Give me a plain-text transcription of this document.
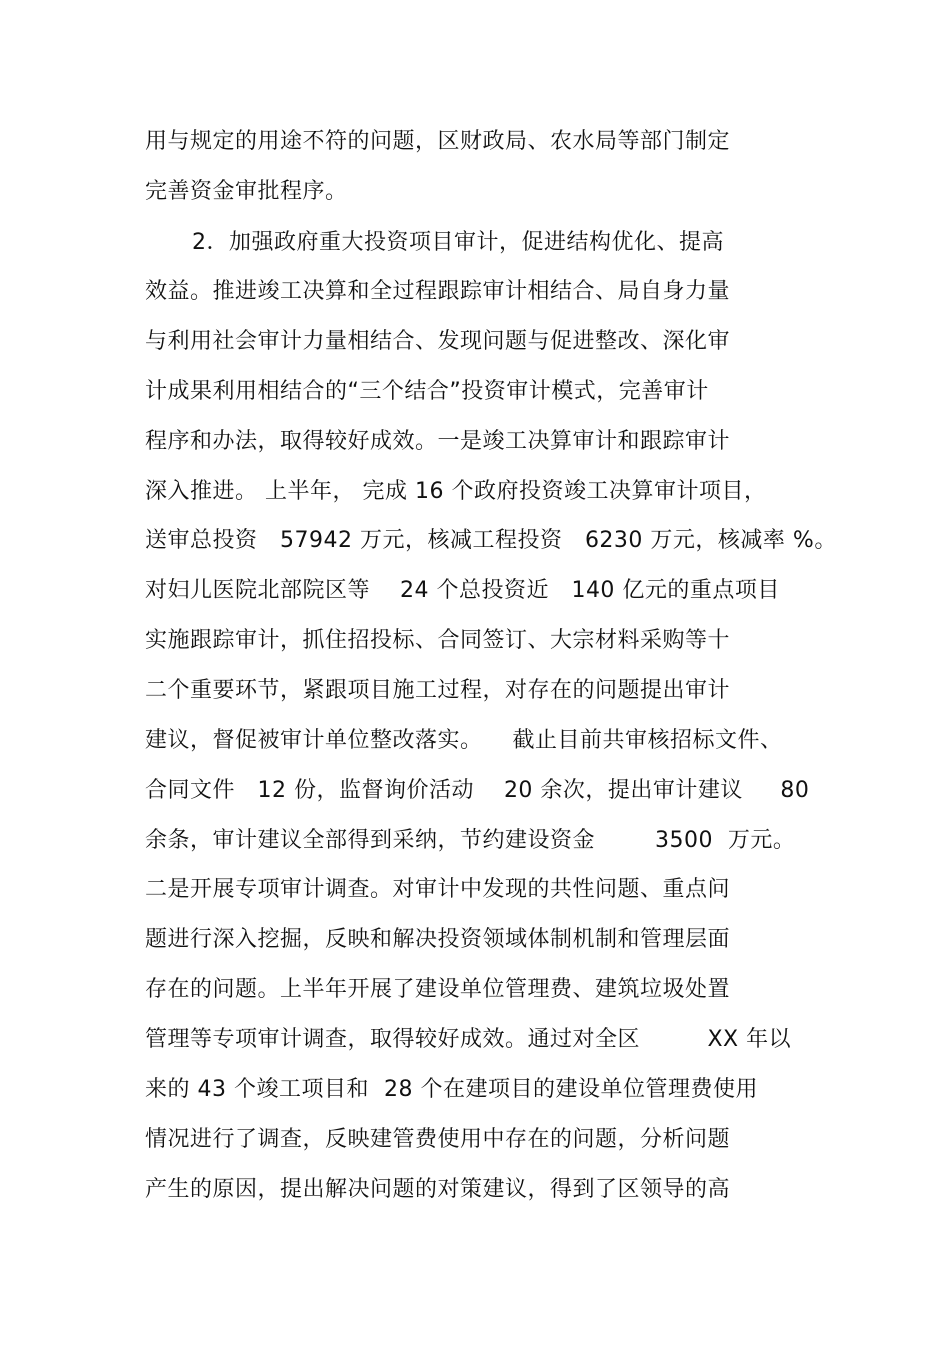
用与规定的用途不符的问题，区财政局、农水局等部门制定
完善资金审批程序。
2．加强政府重大投资项目审计，促进结构优化、提高
效益。推进竣工决算和全过程跟踪审计相结合、局自身力量
与利用社会审计力量相结合、发现问题与促进整改、深化审
计成果利用相结合的“三个结合”投资审计模式，完善审计
程序和办法，取得较好成效。一是竣工决算审计和跟踪审计
深入推进。 上半年， 完成 16 个政府投资竣工决算审计项目，
送审总投资   57942 万元，核减工程投资   6230 万元，核减率 %。
对妇儿医院北部院区等    24 个总投资近   140 亿元的重点项目
实施跟踪审计，抓住招投标、合同签订、大宗材料采购等十
二个重要环节，紧跟项目施工过程，对存在的问题提出审计
建议，督促被审计单位整改落实。    截止目前共审核招标文件、
合同文件   12 份，监督询价活动    20 余次，提出审计建议     80
余条，审计建议全部得到采纳，节约建设资金        3500  万元。
二是开展专项审计调查。对审计中发现的共性问题、重点问
题进行深入挖掘，反映和解决投资领域体制机制和管理层面
存在的问题。上半年开展了建设单位管理费、建筑垃圾处置
管理等专项审计调查，取得较好成效。通过对全区         XX 年以
来的 43 个竣工项目和  28 个在建项目的建设单位管理费使用
情况进行了调查，反映建管费使用中存在的问题，分析问题
产生的原因，提出解决问题的对策建议，得到了区领导的高
